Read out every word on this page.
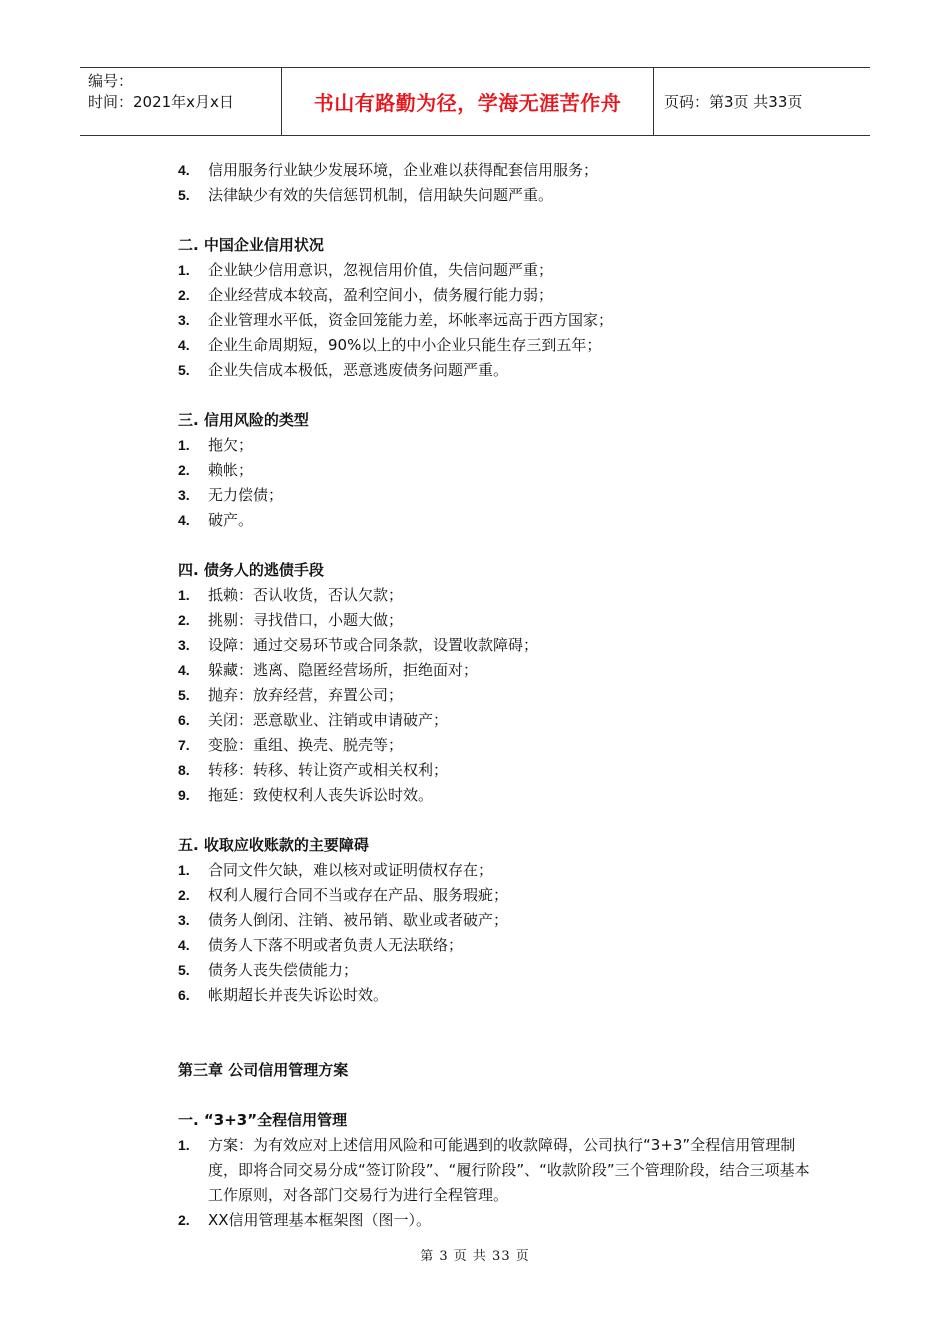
编号：
时间：2021年x月x日	书山有路勤为径，学海无涯苦作舟	页码：第3页 共33页
4. 信用服务行业缺少发展环境，企业难以获得配套信用服务；
5. 法律缺少有效的失信惩罚机制，信用缺失问题严重。
二. 中国企业信用状况
1. 企业缺少信用意识，忽视信用价值，失信问题严重；
2. 企业经营成本较高，盈利空间小，债务履行能力弱；
3. 企业管理水平低，资金回笼能力差，坏帐率远高于西方国家；
4. 企业生命周期短，90%以上的中小企业只能生存三到五年；
5. 企业失信成本极低，恶意逃废债务问题严重。
三. 信用风险的类型
1. 拖欠；
2. 赖帐；
3. 无力偿债；
4. 破产。
四. 债务人的逃债手段
1. 抵赖：否认收货，否认欠款；
2. 挑剔：寻找借口，小题大做；
3. 设障：通过交易环节或合同条款，设置收款障碍；
4. 躲藏：逃离、隐匿经营场所，拒绝面对；
5. 抛弃：放弃经营，弃置公司；
6. 关闭：恶意歇业、注销或申请破产；
7. 变脸：重组、换壳、脱壳等；
8. 转移：转移、转让资产或相关权利；
9. 拖延：致使权利人丧失诉讼时效。
五. 收取应收账款的主要障碍
1. 合同文件欠缺，难以核对或证明债权存在；
2. 权利人履行合同不当或存在产品、服务瑕疵；
3. 债务人倒闭、注销、被吊销、歇业或者破产；
4. 债务人下落不明或者负责人无法联络；
5. 债务人丧失偿债能力；
6. 帐期超长并丧失诉讼时效。
第三章 公司信用管理方案
一. “3+3”全程信用管理
1. 方案：为有效应对上述信用风险和可能遇到的收款障碍，公司执行“3+3”全程信用管理制度，即将合同交易分成“签订阶段”、“履行阶段”、“收款阶段”三个管理阶段，结合三项基本工作原则，对各部门交易行为进行全程管理。
2. XX信用管理基本框架图（图一）。
第 3 页 共 33 页
